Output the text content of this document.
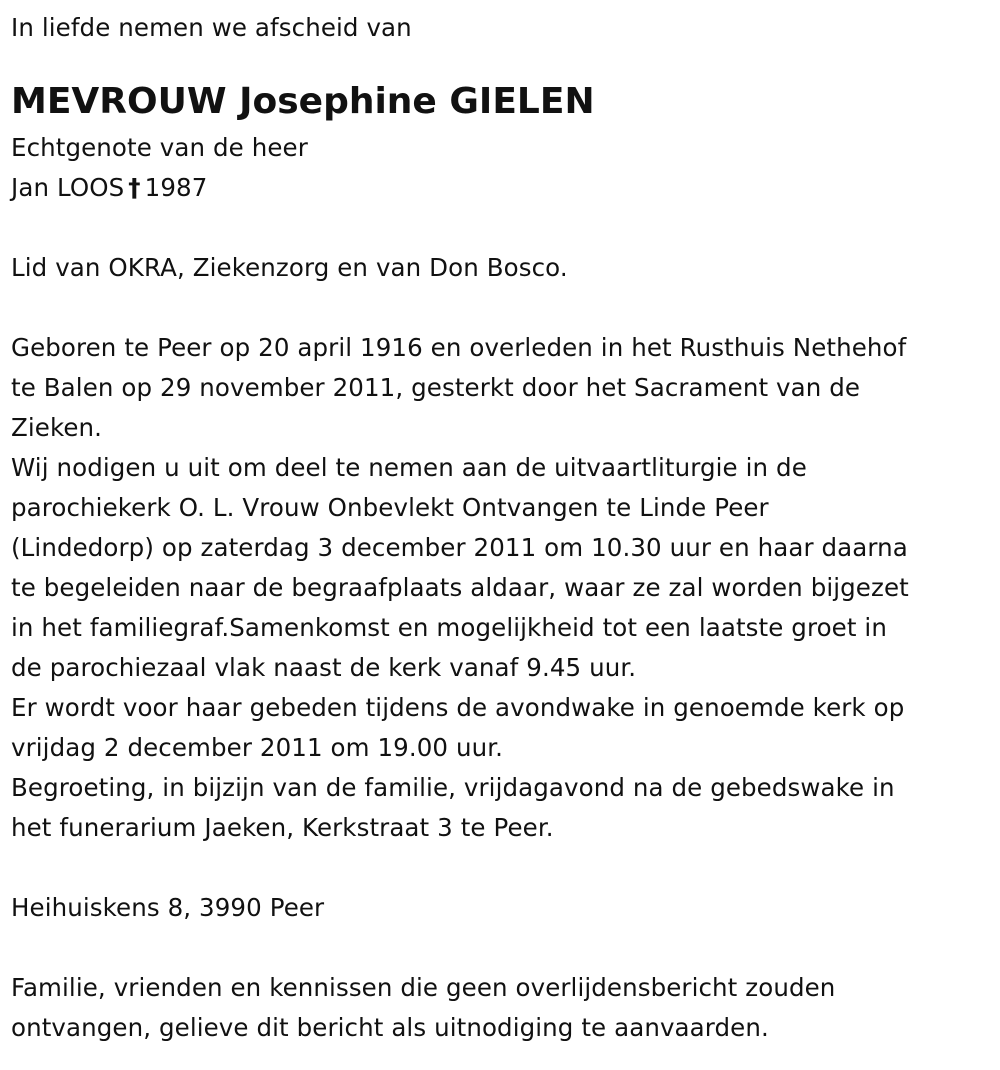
In liefde nemen we afscheid van
MEVROUW Josephine GIELEN
Echtgenote van de heer
Jan LOOS † 1987
Lid van OKRA, Ziekenzorg en van Don Bosco.
Geboren te Peer op 20 april 1916 en overleden in het Rusthuis Nethehof
te Balen op 29 november 2011, gesterkt door het Sacrament van de
Zieken.
Wij nodigen u uit om deel te nemen aan de uitvaartliturgie in de
parochiekerk O. L. Vrouw Onbevlekt Ontvangen te Linde Peer
(Lindedorp) op zaterdag 3 december 2011 om 10.30 uur en haar daarna
te begeleiden naar de begraafplaats aldaar, waar ze zal worden bijgezet
in het familiegraf.Samenkomst en mogelijkheid tot een laatste groet in
de parochiezaal vlak naast de kerk vanaf 9.45 uur.
Er wordt voor haar gebeden tijdens de avondwake in genoemde kerk op
vrijdag 2 december 2011 om 19.00 uur.
Begroeting, in bijzijn van de familie, vrijdagavond na de gebedswake in
het funerarium Jaeken, Kerkstraat 3 te Peer.
Heihuiskens 8, 3990 Peer
Familie, vrienden en kennissen die geen overlijdensbericht zouden
ontvangen, gelieve dit bericht als uitnodiging te aanvaarden.
